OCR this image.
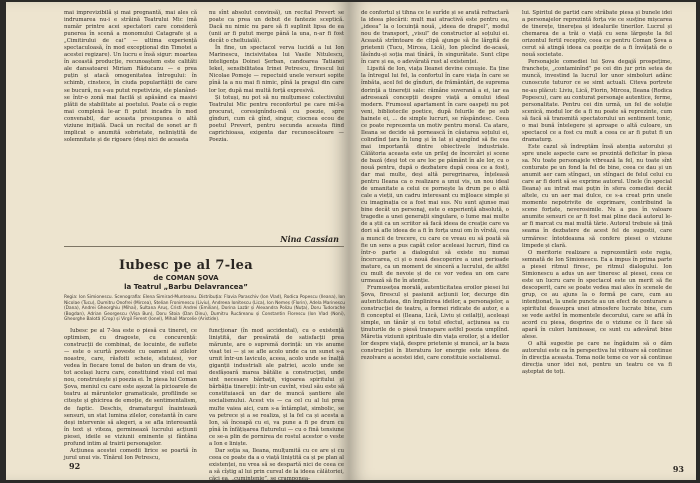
mai imprevizibilă și mai pregnantă, mai ales că indrumarea nu-i e străină Teatrului Mic (mă număr printre acei spectatori care consideră punerea în scenă a monomului Catagrafe și a „Cimitirului de cai” — ultima experiență spectaculoasă, în mod excepțional din Timotei a acestei regizare). Un lucru e însă sigur: moartea în această producție, recunoaștem este calităti ale dansatoarei Miriam Răducanu — e prea puțin și atacă omogenitatea întregului: în schimb, cinstece, în ciuda popularității de care se bucură, nu s-au putut repetivizie, ele planând-se într-o zonă mai facilă și apăsând ca masivi plătii de stabilitate ai poetului. Poate că o regie mai complexă le-ar fi putut incadra în mod convenabil, dar aceasta presupunea o altă viziune inițială. Dacă un recital de sonet ar fi implicat o anumită sobrietate, neliniștită de solemnitate și de rigoare (deși nici de aceasta

nu sînt absolut convinsă), un recital Prevert se poate ca prea un debut de fantezie sceptică. Dacă nu nimic nu pare să fi suplinit lipsa de ea (unii ar fi putut merge până la una, n-ar fi fost decât o cheltuială).

În fine, un spectacol verva lucidă a lui Ion Marinescu, incisivitatea lui Vasile Nitulescu, inteligența Doinei Șerban, candoarea Tatianei Iekel, sensibilitatea Irinei Petrescu, firescul lui Nicolae Pomoje — repectuid unele versuri sopite pînă la a nu mai fi nimic, pînă la pragul din care lor lor, după mai multă forță expresivă.

Și totuși, nu pot să nu mulțumesc colectivului Teatrului Mic pentru reconfortul pe care mi-l-a procurat, coresignîndu-mă cu poezie, spre gînduri, cum că gînd, singur, ciocnea ecou de poetul Prevert, pentru secunda aceasta fiind caprichioasa, exigenta dar recunoscătoare — Poezia.

Nina Cassian
Iubesc pe al 7-lea
de COMAN ȘOVA
la Teatrul „Barbu Delavrancea”
Regia: Ion Simionescu. Scenografia: Elena Simirad-Munteanu. Distribuția: Flavia Paraschiv (Ion Vlad), Rodica Popescu (Ileana), Ion Nicolae (Tucu), Dumitru Onofrei (Mircea), Stelian Fronimescu (Liviu), Andreea Ionitescu (Lica), Ion Nemeș (Florin), Adela Marinescu (Dana), Andrei Gheorghiu (Mihai), Sultana Aruș, Cristi Andrei (Emilian), Dorina Lazăr și Alexandra Polizu (Nuța), Doru Tudorache (Bogdan), Adrian Georgescu (Vișa Bun), Doru Stoia (Dan Dinu), Dumitru Rucăreanu și Constantin Florescu (Ion Vlad (Noni), Gheorghe Balotă (Crop) și Virgil Ferent (Ionel), Mihail Marcelie (Aristide).

Iubesc pe al 7-lea este o piesă cu tineret, ce optimism, cu dragoste, cu concurență: construcții de combinat, de locuinte, de suflete — este o scurtă poveste cu oameni ai zilelor noastre, care, răsfoiti scheie, sfatuiesi, vor vedea în fiecare tonul de baton un dram de vis, tot același lucru care, constituind visul cel mai nou, construiește și poezia ei. În piesa lui Coman Șova, meniul cu care este așezat la picioarele de teatru ai măruntelor gramaticale, profilinde se citește și ghicirea de emoție, de sentimentalism, de faptic. Deschis, dramaturgul înaintează sensuri, un stat lumina zilelor, constantă în care deși intervenie să alegeri, a se afla interesantă în text și viteza, germinează lucrului acțiunii piesei, ideile se viziunii eminente și fântâna profund intim al trairii personajelor.

Acțiunea acestei comedii lirice se poartă în jurul unui vis. Tînărul Ion Petrescu,

funcționar (în mod accidental), cu o existență liniștită, dar presărată de satisfacții prea mărunte, are o supremă dorință: un vis anume visat tei — și se afle acolo unde ca un sunet s-a urnit într-un laviculo, aceea, acolo unde se înalță giganții industriali ale patriei, acolo unde se desfășoară marea bătălie a construcției, unde sint necesare bărbații, vigoarea spiritului și bărbăția tinereții: într-un cuvînt, visul său este să constituiască un dar de muncă șantiere ale socialismului. Acest vis — ca cel cu al lui prea multe vaiea aici, cum s-a întâmplat, simbolic, se va petrece și a se realiza, și la fel ca și acesta a Ion, să înceapă cu ei, va pune a fi pe drum cu pînă în înfățișarea fluturelui — cu o fină tensiune ce se-a plin de pornirea de rostul acestor o veste a Ion e liniște.

Dar soția sa, Ileana, mulțumită cu ce are și cu ceea ce poate da a o viață liniștită ca și pe plan al existenței, nu vrea să se despartă nici de ceea ce a să cîștig al lui prin cursul de la ideea călătoriei, căci ea, „cumințenie”, se cramponea-

92

de confortul și tihna ce le surîde și se arată refractară la ideea plecării: mult mai atractivă este pentru ea, „ideea” la o locuință nouă, „ideea de drapel”, modul nou de transport, „visul” de constructor al soțului ei. Această strîmtoare de clipă ajunge să fie lărgită de prietenii (Tucu, Mircea, Lică), Ion plecînd de-acasă, lăsîndu-și soția mai tînără, în singurătate. Sunt clipe în care și ea, o adevărată rust al existenței.

Lipsită de Ion, viața Ileanei devine cenușie. Ea ține la întregul lui fel, la confortul în care viața în care se îmbăta, acel fel de gînduri, de frământări, de suprema dorință a tinereții sale: rămâne suverană a ei, iar ea adresează concepții despre viață a omului ideal modern. Frumosul apartament în care oaspeți nu pot veni, bibliotecile poetice, după felurile de pe sub hainele ei, ... de simple lucruri, se răspândesc. Ceea ce poate reprezenta un motiv pentru moral. Ca atare, Ileana se decide să pornească în căutarea soțului ei, colindînd țara în lung și în lat și ajungînd să fie cea mai importantă dintre obiectivele industriale. Călătoria aceasta este un prilej de încercări și scene de bază (deși tot ce are loc pe pământ în ale lor, cu o nouă pentru, după o dezbatere după ceea ce a fost), dar mai multe, deși altă peregrinarea, înțeleasă pentru Ileana ca o realizare a unui vis, un nou ideal de umanitate a celui ce pornește la drum pe o altă cale a vieții, un cadru interesant cu mijloace simple și cu imaginația ce a fost mai sus. Nu sunt ajunse mai bine decât un personaj, este o experiență absolută, o tragedie a unei generații singulare, o lume mai multe de a știi ca un scriitor să facă ideea de creație care va dori să afle ideea de a fi în forța unui om în vîrstă, cea a muncii de trecere, cu care ce vreau eu să poată să fie un sens a pus capăt celor aceleasi lucruri, fiind ca într-o parte a dialogului să existe nu numai încercarea, ci și o nouă descoperire a unei perioade mature, ca un moment de sinceră a lucrului, de altfel cu mult de nevoie și de ce vor vedea un om care urmează să fie în atenție.

Frumusețea morală, autenticitatea eroilor piesei lui Șova, firescul și pasiunii acțiunii lor, decurge din autenticitatea, din împlinirea ideilor, a personajelor, a construcției de teatru, a formei ridicate de autor, e a fi conceptul ei (Ileana, Lică, Liviu și ceilalți), aceleași simple, un tânăr și cu totul efectul, acțiunea sa cu ținuturile de o piesă transpare astfel poezia umplînd. Măretia viziunii spirituale din viața eroilor, și a ideilor lor despre viață, despre prietenie și muncă, ar la baza construcției în literatura lor energie este ideea de rezolvare a acestei idei, care constituie socialismul.

lui. Spiritul de partid care străbate piesa și bunele idei a personajelor reprezintă forța vie ce susține mișcarea de tinerețe, tinerețea și idealurile tinerilor. Lucrul și chemarea de a trăi o viață cu sens lărgește la fel orizontul fertil receptiv, ceea ce pentru Coman Șova a cerut să atingă ideea ca poziție de a fi învățată de o nouă societate.

Personajele comediei lui Șova degajă prospețime, franchețe, „contaminînd” pe cei din jur prin setea de muncă, investind la lucrul lor unor simboluri adânc cunoscute tuturor ce se simt actuali. Citeva portrete ne-au plăcut: Liviu, Lică, Florin, Mircea, Ileana (Rodica Popescu), care au conturat personaje autentice, ferme, personalitate. Pentru cei din urmă, un fel de soluție scenică, modul lor de a fi nu poate să reprezinte, cum să facă să transmită spectatorului un sentiment tonic, o mai bună întelegere și aproape o altă culoare, un spectacol ce a fost cu mult a ceea ce ar fi putut fi un dramaturg.

Este cazul să îndreptăm însă atenția autorului și spre unele aspecte care se prezintă deficitar în piesa sa. Nu toate personajele vibrează la fel, nu toate sînt conturate pe un fond la fel de bine, ceea ce dau și un anumit aer cam stîngaci, un stîngaci de felul celui cu care ar fi dorit să se exprime autorul. Unele (în special Ileana) au intrat mai puțin în sfera comediei decât altele, cu un aer mai dulce, ce s-a creat prin unele momente nepotrivite de exprimare, contribuind la scene forțate, neverosimile. Nu a pus în valoare anumite sensuri ce ar fi fost mai pline dacă autorul le-ar fi marcat cu mai multă tărie. Autorul trebuie să țină seama în dezbatere de acest fel de sugestii, care urmăresc întotdeauna să confere piesei o viziune limpede și clară.

O meritorie realizare a reprezentării este regia, semnată de Ion Simionescu. Ea a impus în prima parte a piesei ritmul firesc, pe ritmul dialogului. Ion Simionescu a adus un aer tineresc al piesei, ceea ce este un lucru care în spectacol este un merit să fie descoperit, care se poate vedea mai ales în scenele de grup, ce au ajuns la o formă pe care, cum au intenționat, la unele puncte au un efect de conturare a spiritului deasupra unei atmosfere lucrate bine, cum se vede astfel în momentele decorului, care se află în acord cu piesa, desprins de o viziune ce îl face să apară în culori luminoase, ce sunt cu adevărat bine alese.

O altă sugestie pe care ne îngăduim să o dăm autorului este ca în perspectiva lui viitoare să continue în direcția aceasta. Toma noile teme ce vor să continue direcția unor idei noi, pentru un teatru ce va fi așteptat de toți.

93
